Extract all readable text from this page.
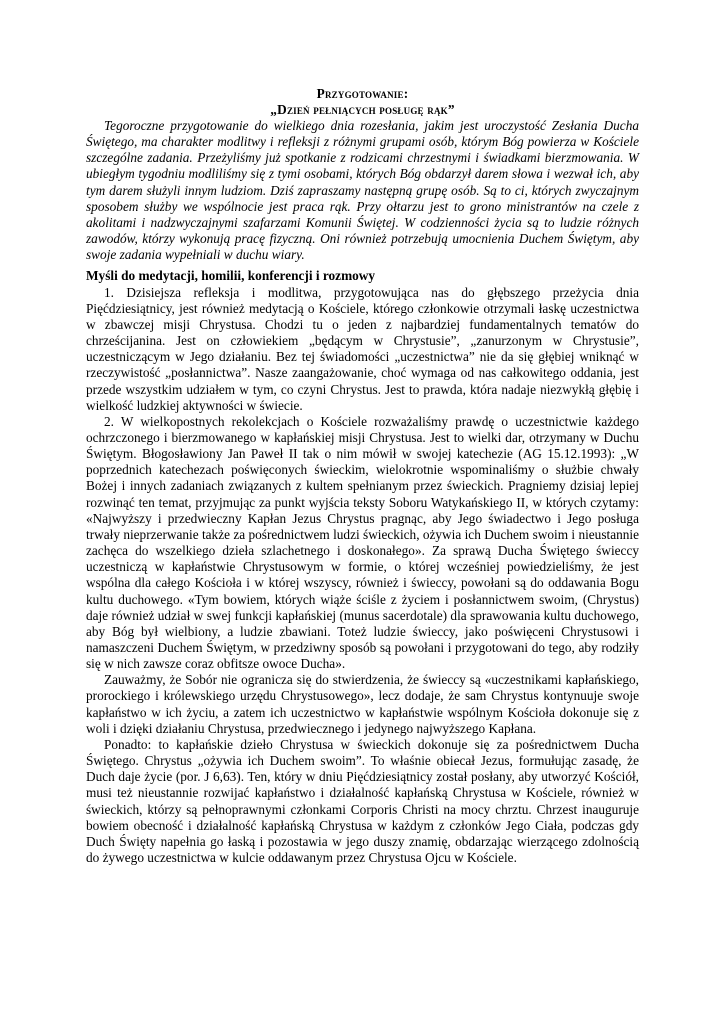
Przygotowanie:
„Dzień pełniących posługę rąk”

Tegoroczne przygotowanie do wielkiego dnia rozesłania, jakim jest uroczystość Zesłania Ducha Świętego, ma charakter modlitwy i refleksji z różnymi grupami osób, którym Bóg powierza w Kościele szczególne zadania. Przeżyliśmy już spotkanie z rodzicami chrzestnymi i świadkami bierzmowania. W ubiegłym tygodniu modliliśmy się z tymi osobami, których Bóg obdarzył darem słowa i wezwał ich, aby tym darem służyli innym ludziom. Dziś zapraszamy następną grupę osób. Są to ci, których zwyczajnym sposobem służby we wspólnocie jest praca rąk. Przy ołtarzu jest to grono ministrantów na czele z akolitami i nadzwyczajnymi szafarzami Komunii Świętej. W codzienności życia są to ludzie różnych zawodów, którzy wykonują pracę fizyczną. Oni również potrzebują umocnienia Duchem Świętym, aby swoje zadania wypełniali w duchu wiary.

Myśli do medytacji, homilii, konferencji i rozmowy

1. Dzisiejsza refleksja i modlitwa, przygotowująca nas do głębszego przeżycia dnia Pięćdziesiątnicy, jest również medytacją o Kościele, którego członkowie otrzymali łaskę uczestnictwa w zbawczej misji Chrystusa. Chodzi tu o jeden z najbardziej fundamentalnych tematów do chrześcijanina. Jest on człowiekiem „będącym w Chrystusie”, „zanurzonym w Chrystusie”, uczestniczącym w Jego działaniu. Bez tej świadomości „uczestnictwa” nie da się głębiej wniknąć w rzeczywistość „posłannictwa”. Nasze zaangażowanie, choć wymaga od nas całkowitego oddania, jest przede wszystkim udziałem w tym, co czyni Chrystus. Jest to prawda, która nadaje niezwykłą głębię i wielkość ludzkiej aktywności w świecie.

2. W wielkopostnych rekolekcjach o Kościele rozważaliśmy prawdę o uczestnictwie każdego ochrzczonego i bierzmowanego w kapłańskiej misji Chrystusa. Jest to wielki dar, otrzymany w Duchu Świętym. Błogosławiony Jan Paweł II tak o nim mówił w swojej katechezie (AG 15.12.1993): „W poprzednich katechezach poświęconych świeckim, wielokrotnie wspominaliśmy o służbie chwały Bożej i innych zadaniach związanych z kultem spełnianym przez świeckich. Pragniemy dzisiaj lepiej rozwinąć ten temat, przyjmując za punkt wyjścia teksty Soboru Watykańskiego II, w których czytamy: «Najwyższy i przedwieczny Kapłan Jezus Chrystus pragnąc, aby Jego świadectwo i Jego posługa trwały nieprzerwanie także za pośrednictwem ludzi świeckich, ożywia ich Duchem swoim i nieustannie zachęca do wszelkiego dzieła szlachetnego i doskonałego». Za sprawą Ducha Świętego świeccy uczestniczą w kapłaństwie Chrystusowym w formie, o której wcześniej powiedzieliśmy, że jest wspólna dla całego Kościoła i w której wszyscy, również i świeccy, powołani są do oddawania Bogu kultu duchowego. «Tym bowiem, których wiąże ściśle z życiem i posłannictwem swoim, (Chrystus) daje również udział w swej funkcji kapłańskiej (munus sacerdotale) dla sprawowania kultu duchowego, aby Bóg był wielbiony, a ludzie zbawiani. Toteż ludzie świeccy, jako poświęceni Chrystusowi i namaszczeni Duchem Świętym, w przedziwny sposób są powołani i przygotowani do tego, aby rodziły się w nich zawsze coraz obfitsze owoce Ducha».

Zauważmy, że Sobór nie ogranicza się do stwierdzenia, że świeccy są «uczestnikami kapłańskiego, prorockiego i królewskiego urzędu Chrystusowego», lecz dodaje, że sam Chrystus kontynuuje swoje kapłaństwo w ich życiu, a zatem ich uczestnictwo w kapłaństwie wspólnym Kościoła dokonuje się z woli i dzięki działaniu Chrystusa, przedwiecznego i jedynego najwyższego Kapłana.

Ponadto: to kapłańskie dzieło Chrystusa w świeckich dokonuje się za pośrednictwem Ducha Świętego. Chrystus „ożywia ich Duchem swoim”. To właśnie obiecał Jezus, formułując zasadę, że Duch daje życie (por. J 6,63). Ten, który w dniu Pięćdziesiątnicy został posłany, aby utworzyć Kościół, musi też nieustannie rozwijać kapłaństwo i działalność kapłańską Chrystusa w Kościele, również w świeckich, którzy są pełnoprawnymi członkami Corporis Christi na mocy chrztu. Chrzest inauguruje bowiem obecność i działalność kapłańską Chrystusa w każdym z członków Jego Ciała, podczas gdy Duch Święty napełnia go łaską i pozostawia w jego duszy znamię, obdarzając wierzącego zdolnością do żywego uczestnictwa w kulcie oddawanym przez Chrystusa Ojcu w Kościele.
